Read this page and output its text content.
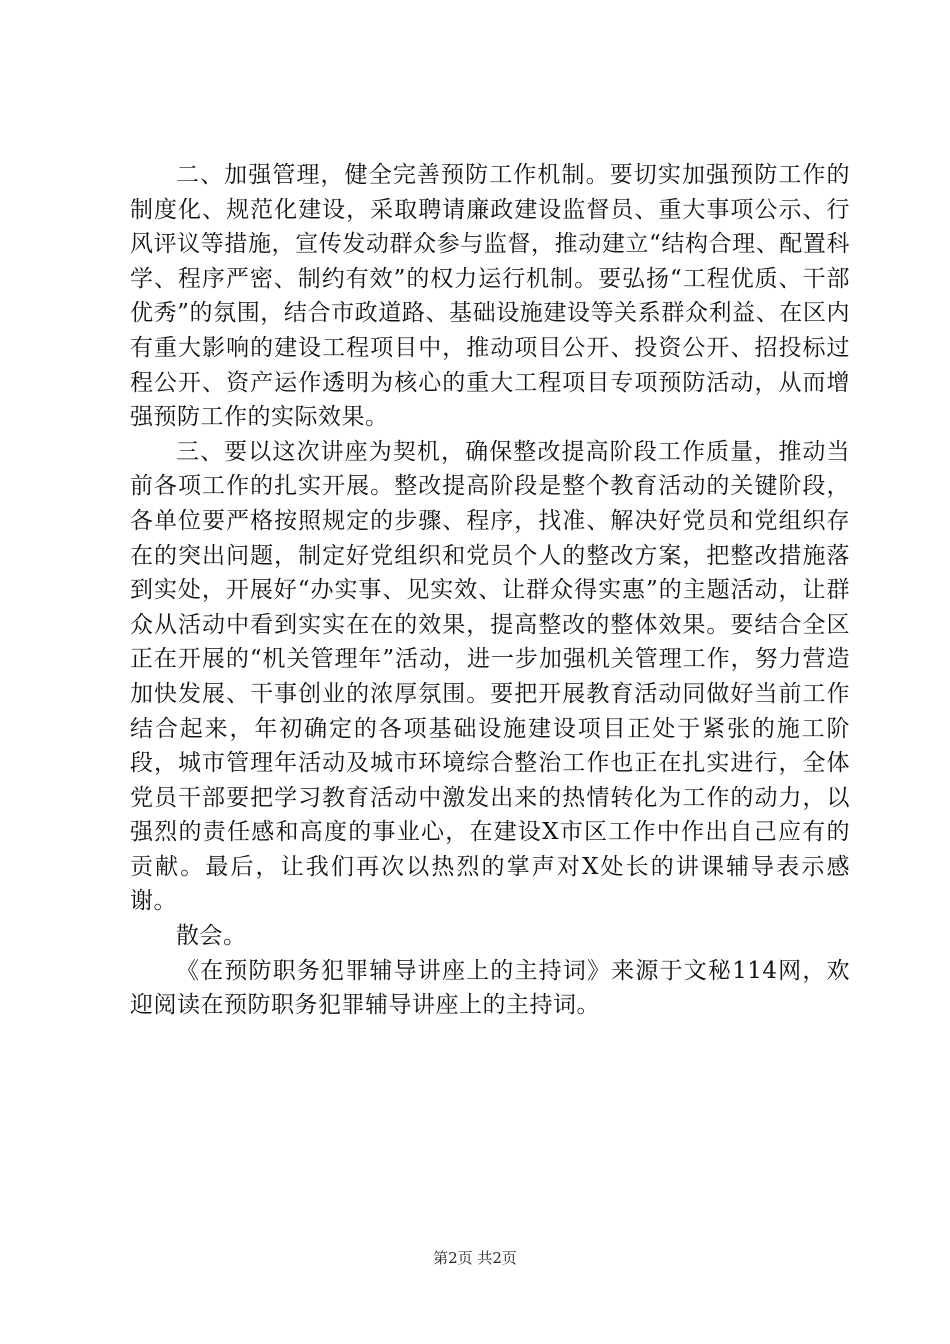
二、加强管理，健全完善预防工作机制。要切实加强预防工作的制度化、规范化建设，采取聘请廉政建设监督员、重大事项公示、行风评议等措施，宣传发动群众参与监督，推动建立“结构合理、配置科学、程序严密、制约有效”的权力运行机制。要弘扬“工程优质、干部优秀”的氛围，结合市政道路、基础设施建设等关系群众利益、在区内有重大影响的建设工程项目中，推动项目公开、投资公开、招投标过程公开、资产运作透明为核心的重大工程项目专项预防活动，从而增强预防工作的实际效果。

三、要以这次讲座为契机，确保整改提高阶段工作质量，推动当前各项工作的扎实开展。整改提高阶段是整个教育活动的关键阶段，各单位要严格按照规定的步骤、程序，找准、解决好党员和党组织存在的突出问题，制定好党组织和党员个人的整改方案，把整改措施落到实处，开展好“办实事、见实效、让群众得实惠”的主题活动，让群众从活动中看到实实在在的效果，提高整改的整体效果。要结合全区正在开展的“机关管理年”活动，进一步加强机关管理工作，努力营造加快发展、干事创业的浓厚氛围。要把开展教育活动同做好当前工作结合起来，年初确定的各项基础设施建设项目正处于紧张的施工阶段，城市管理年活动及城市环境综合整治工作也正在扎实进行，全体党员干部要把学习教育活动中激发出来的热情转化为工作的动力，以强烈的责任感和高度的事业心，在建设X市区工作中作出自己应有的贡献。最后，让我们再次以热烈的掌声对X处长的讲课辅导表示感谢。

散会。

《在预防职务犯罪辅导讲座上的主持词》来源于文秘114网，欢迎阅读在预防职务犯罪辅导讲座上的主持词。

第2页 共2页
